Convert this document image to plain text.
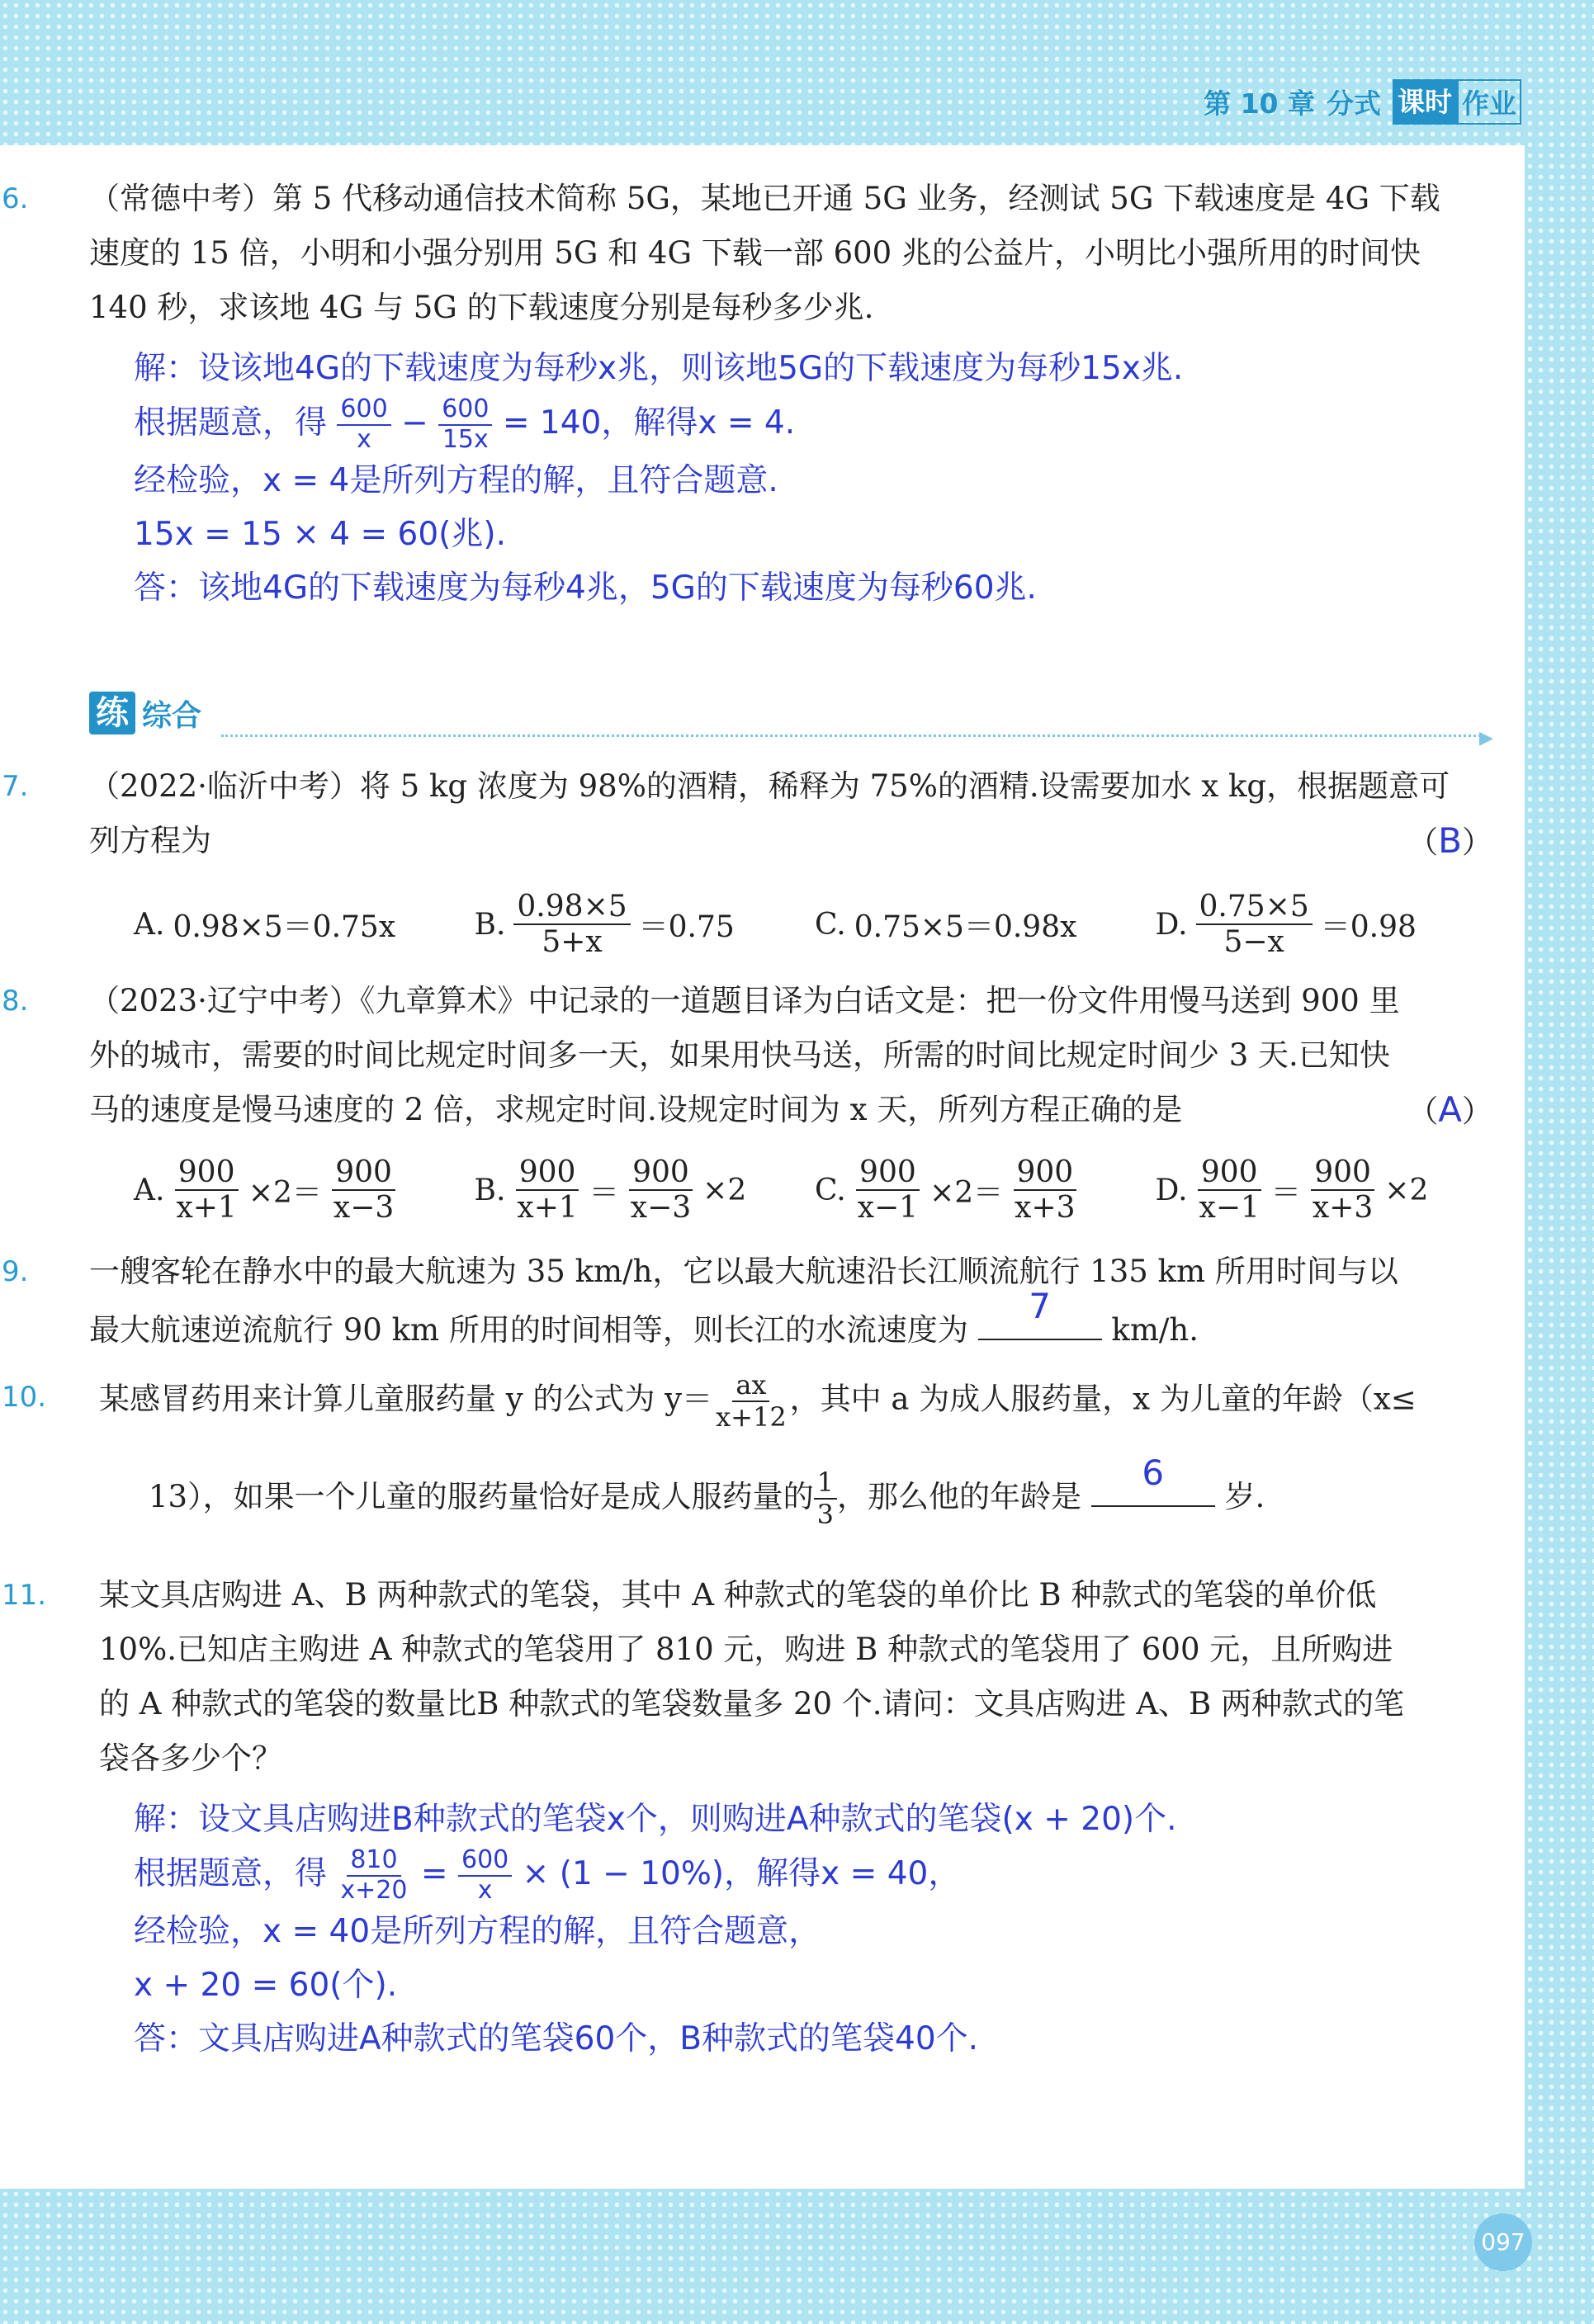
第 10 章 分式 课时 作业
6.	（常德中考）第 5 代移动通信技术简称 5G，某地已开通 5G 业务，经测试 5G 下载速度是 4G 下载
速度的 15 倍，小明和小强分别用 5G 和 4G 下载一部 600 兆的公益片，小明比小强所用的时间快
140 秒，求该地 4G 与 5G 的下载速度分别是每秒多少兆.
解：设该地4G的下载速度为每秒x兆，则该地5G的下载速度为每秒15x兆.
根据题意，得 $\frac{600}{x} - \frac{600}{15x} = 140$，解得x = 4.
经检验，x = 4是所列方程的解，且符合题意.
15x = 15 × 4 = 60(兆).
答：该地4G的下载速度为每秒4兆，5G的下载速度为每秒60兆.
练 综合
▶
7.	（2022·临沂中考）将 5 kg 浓度为 98%的酒精，稀释为 75%的酒精.设需要加水 x kg，根据题意可
列方程为	（B）
A. 0.98×5＝0.75x	B. $\frac{0.98\times 5}{5+x} =0.75$	C. 0.75×5＝0.98x	D. $\frac{0.75\times 5}{5-x} =0.98$
8.	（2023·辽宁中考）《九章算术》中记录的一道题目译为白话文是：把一份文件用慢马送到 900 里
外的城市，需要的时间比规定时间多一天，如果用快马送，所需的时间比规定时间少 3 天.已知快
马的速度是慢马速度的 2 倍，求规定时间.设规定时间为 x 天，所列方程正确的是	（A）
A. $\frac{900}{x+1} \times 2= \frac{900}{x-3}$	B. $\frac{900}{x+1} = \frac{900}{x-3} \times 2$ C. $\frac{900}{x-1} \times 2= \frac{900}{x+3}$	D. $\frac{900}{x-1} = \frac{900}{x+3} \times 2$
9.	一艘客轮在静水中的最大航速为 35 km/h，它以最大航速沿长江顺流航行 135 km 所用时间与以
最大航速逆流航行 90 km 所用的时间相等，则长江的水流速度为
7
km/h.
10.	某感冒药用来计算儿童服药量 y 的公式为 $y= \frac{ax}{x+12}$ ，其中 a 为成人服药量，x 为儿童的年龄（x≤
13），如果一个儿童的服药量恰好是成人服药量的 $\frac{1}{3}$ ，那么他的年龄是
6
岁.
11.	某文具店购进 A、B 两种款式的笔袋，其中 A 种款式的笔袋的单价比 B 种款式的笔袋的单价低
10%.已知店主购进 A 种款式的笔袋用了 810 元，购进 B 种款式的笔袋用了 600 元，且所购进
的 A 种款式的笔袋的数量比B 种款式的笔袋数量多 20 个.请问：文具店购进 A、B 两种款式的笔
袋各多少个？
解：设文具店购进B种款式的笔袋x个，则购进A种款式的笔袋(x + 20)个.
根据题意，得 $\frac{810}{x+20} = \frac{600}{x} \times (1 - 10\%)$，解得x = 40，
经检验，x = 40是所列方程的解，且符合题意，
x + 20 = 60(个).
答：文具店购进A种款式的笔袋60个，B种款式的笔袋40个.
097
